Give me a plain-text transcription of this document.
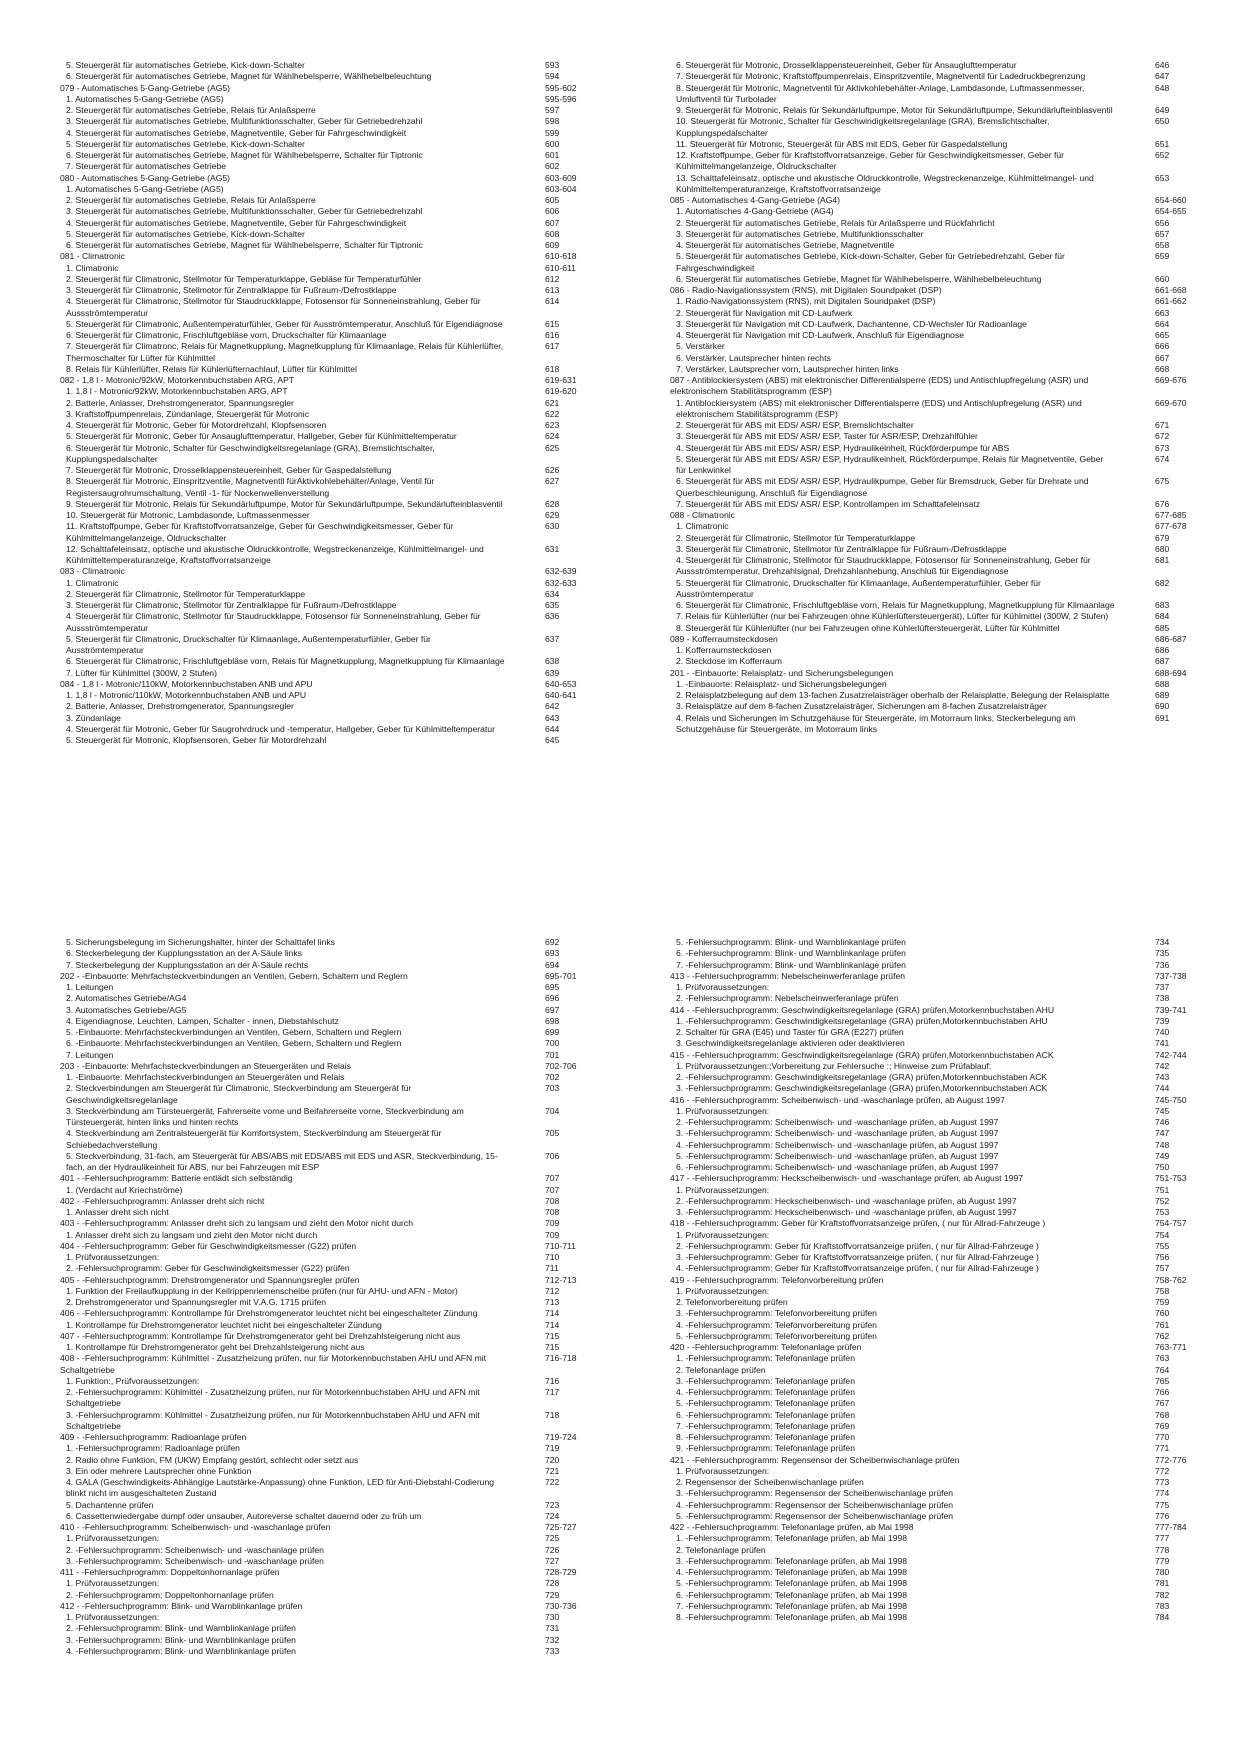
5. Steuergerät für automatisches Getriebe, Kick-down-Schalter	593
6. Steuergerät für automatisches Getriebe, Magnet für Wählhebelsperre, Wählhebelbeleuchtung	594
079 - Automatisches 5-Gang-Getriebe (AG5)	595-602
1. Automatisches 5-Gang-Getriebe (AG5)	595-596
2. Steuergerät für automatisches Getriebe, Relais für Anlaßsperre	597
3. Steuergerät für automatisches Getriebe, Multifunktionsschalter, Geber für Getriebedrehzahl	598
4. Steuergerät für automatisches Getriebe, Magnetventile, Geber für Fahrgeschwindigkeit	599
5. Steuergerät für automatisches Getriebe, Kick-down-Schalter	600
6. Steuergerät für automatisches Getriebe, Magnet für Wählhebelsperre, Schalter für Tiptronic	601
7. Steuergerät für automatisches Getriebe	602
080 - Automatisches 5-Gang-Getriebe (AG5)	603-609
1. Automatisches 5-Gang-Getriebe (AG5)	603-604
2. Steuergerät für automatisches Getriebe, Relais für Anlaßsperre	605
3. Steuergerät für automatisches Getriebe, Multifunktionsschalter, Geber für Getriebedrehzahl	606
4. Steuergerät für automatisches Getriebe, Magnetventile, Geber für Fahrgeschwindigkeit	607
5. Steuergerät für automatisches Getriebe, Kick-down-Schalter	608
6. Steuergerät für automatisches Getriebe, Magnet für Wählhebelsperre, Schalter für Tiptronic	609
081 - Climatronic	610-618
1. Climatronic	610-611
2. Steuergerät für Climatronic, Stellmotor für Temperaturklappe, Gebläse für Temperaturfühler	612
3. Steuergerät für Climatronic, Stellmotor für Zentralklappe für Fußraum-/Defrostklappe	613
4. Steuergerät für Climatronic, Stellmotor für Staudruckklappe, Fotosensor für Sonneneinstrahlung, Geber für Aussströmtemperatur
614
5. Steuergerät für Climatronic, Außentemperaturfühler, Geber für Ausströmtemperatur, Anschluß für Eigendiagnose	615
6. Steuergerät für Climatronic, Frischluftgebläse vorn, Druckschalter für Klimaanlage	616
7. Steuergerät für Climatronc, Relais für Magnetkupplung, Magnetkupplung für Klimaanlage, Relais für Kühlerlüfter, Thermoschalter für Lüfter für Kühlmittel
617
8. Relais für Kühlerlüfter, Relais für Kühlerlüfternachlauf, Lüfter für Kühlmittel	618
082 - 1,8 l - Motronic/92kW, Motorkennbuchstaben ARG, APT	619-631
1. 1,8 l - Motronic/92kW, Motorkennbuchstaben ARG, APT	619-620
2. Batterie, Anlasser, Drehstromgenerator, Spannungsregler	621
3. Kraftstoffpumpenrelais, Zündanlage, Steuergerät für Motronic	622
4. Steuergerät für Motronic, Geber für Motordrehzahl, Klopfsensoren	623
5. Steuergerät für Motronic, Geber für Ansauglufttemperatur, Hallgeber, Geber für Kühlmitteltemperatur	624
6. Steuergerät für Motronic, Schalter für Geschwindigkeitsregelanlage (GRA), Bremslichtschalter, Kupplungspedalschalter
625
7. Steuergerät für Motronic, Drosselklappensteuereinheit, Geber für Gaspedalstellung	626
8. Steuergerät für Motronic, Einspritzventile, Magnetventil fürAktivkohlebehälter/Anlage, Ventil für Registersaugrohrumschaltung, Ventil -1- für Nockenwellenverstellung
627
9. Steuergerät für Motronic, Relais für Sekundärluftpumpe, Motor für Sekundärluftpumpe, Sekundärlufteinblasventil	628
10. Steuergerät für Motronic, Lambdasonde, Luftmassenmesser	629
11. Kraftstoffpumpe, Geber für Kraftstoffvorratsanzeige, Geber für Geschwindigkeitsmesser, Geber für Kühlmittelmangelanzeige, Öldruckschalter
630
12. Schalttafeleinsatz, optische und akustische Öldruckkontrolle, Wegstreckenanzeige, Kühlmittelmangel- und Kühlmitteltemperaturanzeige, Kraftstoffvorratsanzeige
631
083 - Climatronic	632-639
1. Climatronic	632-633
2. Steuergerät für Climatronic, Stellmotor für Temperaturklappe	634
3. Steuergerät für Climatronic, Stellmotor für Zentralklappe für Fußraum-/Defrostklappe	635
4. Steuergerät für Climatronic, Stellmotor für Staudruckklappe, Fotosensor für Sonneneinstrahlung, Geber für Aussströmtemperatur
636
5. Steuergerät für Climatronic, Druckschalter für Klimaanlage, Außentemperaturfühler, Geber für Ausströmtemperatur
637
6. Steuergerät für Climatronic, Frischluftgebläse vorn, Relais für Magnetkupplung, Magnetkupplung für Klimaanlage	638
7. Lüfter für Kühlmittel (300W, 2 Stufen)	639
084 - 1,8 l - Motronic/110kW, Motorkennbuchstaben ANB und APU	640-653
1. 1,8 l - Motronic/110kW, Motorkennbuchstaben ANB und APU	640-641
2. Batterie, Anlasser, Drehstromgenerator, Spannungsregler	642
3. Zündanlage	643
4. Steuergerät für Motronic, Geber für Saugrohrdruck und -temperatur, Hallgeber, Geber für Kühlmitteltemperatur	644
5. Steuergerät für Motronic, Klopfsensoren, Geber für Motordrehzahl	645
6. Steuergerät für Motronic, Drosselklappensteuereinheit, Geber für Ansauglufttemperatur	646
7. Steuergerät für Motronic, Kraftstoffpumpenrelais, Einspritzventile, Magnetventil für Ladedruckbegrenzung	647
8. Steuergerät für Motronic, Magnetventil für Aktivkohlebehälter-Anlage, Lambdasonde, Luftmassenmesser, Umluftventil für Turbolader
648
9. Steuergerät für Motronic, Relais für Sekundärluftpumpe, Motor für Sekundärluftpumpe, Sekundärlufteinblasventil	649
10. Steuergerät für Motronic, Schalter für Geschwindigkeitsregelanlage (GRA), Bremslichtschalter, Kupplungspedalschalter
650
11. Steuergerät für Motronic, Steuergerät für ABS mit EDS, Geber für Gaspedalstellung	651
12. Kraftstoffpumpe, Geber für Kraftstoffvorratsanzeige, Geber für Geschwindigkeitsmesser, Geber für Kühlmittelmangelanzeige, Öldruckschalter
652
13. Schalttafeleinsatz, optische und akustische Öldruckkontrolle, Wegstreckenanzeige, Kühlmittelmangel- und Kühlmitteltemperaturanzeige, Kraftstoffvorratsanzeige
653
085 - Automatisches 4-Gang-Getriebe (AG4)	654-660
1. Automatisches 4-Gang-Getriebe (AG4)	654-655
2. Steuergerät für automatisches Getriebe, Relais für Anlaßsperre und Rückfahrlicht	656
3. Steuergerät für automatisches Getriebe, Multifunktionsschalter	657
4. Steuergerät für automatisches Getriebe, Magnetventile	658
5. Steuergerät für automatisches Getriebe, Kick-down-Schalter, Geber für Getriebedrehzahl, Geber für Fahrgeschwindigkeit
659
6. Steuergerät für automatisches Getriebe, Magnet für Wählhebelsperre, Wählhebelbeleuchtung	660
086 - Radio-Navigationssystem (RNS), mit Digitalen Soundpaket (DSP)	661-668
1. Radio-Navigationssystem (RNS), mit Digitalen Soundpaket (DSP)	661-662
2. Steuergerät für Navigation mit CD-Laufwerk	663
3. Steuergerät für Navigation mit CD-Laufwerk, Dachantenne, CD-Wechsler für Radioanlage	664
4. Steuergerät für Navigation mit CD-Laufwerk, Anschluß für Eigendiagnose	665
5. Verstärker	666
6. Verstärker, Lautsprecher hinten rechts	667
7. Verstärker, Lautsprecher vorn, Lautsprecher hinten links	668
087 - Antiblockiersystem (ABS) mit elektronischer Differentialsperre (EDS) und Antischlupfregelung (ASR) und elektronischem Stabilitätsprogramm (ESP)
669-676
1. Antiblockiersystem (ABS) mit elektronischer Differentialsperre (EDS) und Antischlupfregelung (ASR) und elektronischem Stabilitätsprogramm (ESP)
669-670
2. Steuergerät für ABS mit EDS/ ASR/ ESP, Bremslichtschalter	671
3. Steuergerät für ABS mit EDS/ ASR/ ESP, Taster für ASR/ESP, Drehzahlfühler	672
4. Steuergerät für ABS mit EDS/ ASR/ ESP, Hydraulikeinheit, Rückförderpumpe für ABS	673
5. Steuergerät für ABS mit EDS/ ASR/ ESP, Hydraulikeinheit, Rückförderpumpe, Relais für Magnetventile, Geber für Lenkwinkel
674
6. Steuergerät für ABS mit EDS/ ASR/ ESP, Hydraulikpumpe, Geber für Bremsdruck, Geber für Drehrate und Querbeschleunigung, Anschluß für Eigendiagnose
675
7. Steuergerät für ABS mit EDS/ ASR/ ESP, Kontrollampen im Schalttafeleinsatz	676
088 - Climatronic	677-685
1. Climatronic	677-678
2. Steuergerät für Climatronic, Stellmotor für Temperaturklappe	679
3. Steuergerät für Climatronic, Stellmotor für Zentralklappe für Fußraum-/Defrostklappe	680
4. Steuergerät für Climatronic, Stellmotor für Staudruckklappe, Fotosensor für Sonneneinstrahlung, Geber für Aussströmtemperatur, Drehzahlsignal, Drehzahlanhebung, Anschluß für Eigendiagnose
681
5. Steuergerät für Climatronic, Druckschalter für Klimaanlage, Außentemperaturfühler, Geber für Ausströmtemperatur
682
6. Steuergerät für Climatronic, Frischluftgebläse vorn, Relais für Magnetkupplung, Magnetkupplung für Klimaanlage	683
7. Relais für Kühlerlüfter (nur bei Fahrzeugen ohne Kühlerlüftersteuergerät), Lüfter für Kühlmittel (300W, 2 Stufen)	684
8. Steuergerät für Kühlerlüfter (nur bei Fahrzeugen ohne Kühlerlüftersteuergerät, Lüfter für Kühlmittel	685
089 - Kofferraumsteckdosen	686-687
1. Kofferraumsteckdosen	686
2. Steckdose im Kofferraum	687
201 - -Einbauorte: Relaisplatz- und Sicherungsbelegungen	688-694
1. -Einbauorte: Relaisplatz- und Sicherungsbelegungen	688
2. Relaisplatzbelegung auf dem 13-fachen Zusatzrelaisträger oberhalb der Relaisplatte, Belegung der Relaisplatte	689
3. Relaisplätze auf dem 8-fachen Zusatzrelaisträger, Sicherungen am 8-fachen Zusatzrelaisträger	690
4. Relais und Sicherungen im Schutzgehäuse für Steuergeräte, im Motorraum links, Steckerbelegung am Schutzgehäuse für Steuergeräte, im Motorraum links
691
5. Sicherungsbelegung im Sicherungshalter, hinter der Schalttafel links	692
6. Steckerbelegung der Kupplungsstation an der A-Säule links	693
7. Steckerbelegung der Kupplungsstation an der A-Säule rechts	694
202 - -Einbauorte: Mehrfachsteckverbindungen an Ventilen, Gebern, Schaltern und Reglern	695-701
1. Leitungen	695
2. Automatisches Getriebe/AG4	696
3. Automatisches Getriebe/AG5	697
4. Eigendiagnose, Leuchten, Lampen, Schalter - innen, Diebstahlschutz	698
5. -Einbauorte: Mehrfachsteckverbindungen an Ventilen, Gebern, Schaltern und Reglern	699
6. -Einbauorte: Mehrfachsteckverbindungen an Ventilen, Gebern, Schaltern und Reglern	700
7. Leitungen	701
203 - -Einbauorte: Mehrfachsteckverbindungen an Steuergeräten und Relais	702-706
1. -Einbauorte: Mehrfachsteckverbindungen an Steuergeräten und Relais	702
2. Steckverbindungen am Steuergerät für Climatronic, Steckverbindung am Steuergerät für Geschwindigkeitsregelanlage
703
3. Steckverbindung am Türsteuergerät, Fahrerseite vorne und Beifahrerseite vorne, Steckverbindung am Türsteuergerät, hinten links und hinten rechts
704
4. Steckverbindung am Zentralsteuergerät für Komfortsystem, Steckverbindung am Steuergerät für Schiebedachverstellung
705
5. Steckverbindung, 31-fach, am Steuergerät für ABS/ABS mit EDS/ABS mit EDS und ASR, Steckverbindung, 15-fach, an der Hydraulikeinheit für ABS, nur bei Fahrzeugen mit ESP
706
401 - -Fehlersuchprogramm: Batterie entlädt sich selbständig	707
1. (Verdacht auf Kriechströme)	707
402 - -Fehlersuchprogramm: Anlasser dreht sich nicht	708
1. Anlasser dreht sich nicht	708
403 - -Fehlersuchprogramm: Anlasser dreht sich zu langsam und zieht den Motor nicht durch	709
1. Anlasser dreht sich zu langsam und zieht den Motor nicht durch	709
404 - -Fehlersuchprogramm: Geber für Geschwindigkeitsmesser (G22) prüfen	710-711
1. Prüfvoraussetzungen:	710
2. -Fehlersuchprogramm: Geber für Geschwindigkeitsmesser (G22) prüfen	711
405 - -Fehlersuchprogramm: Drehstromgenerator und Spannungsregler prüfen	712-713
1. Funktion der Freilaufkupplung in der Keilrippenriemenscheibe prüfen (nur für AHU- und AFN - Motor)	712
2. Drehstromgenerator und Spannungsregler mit V.A.G. 1715 prüfen	713
406 - -Fehlersuchprogramm: Kontrollampe für Drehstromgenerator leuchtet nicht bei eingeschalteter Zündung	714
1. Kontrollampe für Drehstromgenerator leuchtet nicht bei eingeschalteter Zündung	714
407 - -Fehlersuchprogramm: Kontrollampe für Drehstromgenerator geht bei Drehzahlsteigerung nicht aus	715
1. Kontrollampe für Drehstromgenerator geht bei Drehzahlsteigerung nicht aus	715
408 - -Fehlersuchprogramm: Kühlmittel - Zusatzheizung prüfen, nur für Motorkennbuchstaben AHU und AFN mit Schaltgetriebe
716-718
1. Funktion:, Prüfvoraussetzungen:	716
2. -Fehlersuchprogramm: Kühlmittel - Zusatzheizung prüfen, nur für Motorkennbuchstaben AHU und AFN mit Schaltgetriebe
717
3. -Fehlersuchprogramm: Kühlmittel - Zusatzheizung prüfen, nur für Motorkennbuchstaben AHU und AFN mit Schaltgetriebe
718
409 - -Fehlersuchprogramm: Radioanlage prüfen	719-724
1. -Fehlersuchprogramm: Radioanlage prüfen	719
2. Radio ohne Funktion, FM (UKW) Empfang gestört, schlecht oder setzt aus	720
3. Ein oder mehrere Lautsprecher ohne Funktion	721
4. GALA (Geschwindigkeits-Abhängige Lautstärke-Anpassung) ohne Funktion, LED für Anti-Diebstahl-Codierung blinkt nicht im ausgeschalteten Zustand
722
5. Dachantenne prüfen	723
6. Cassettenwiedergabe dumpf oder unsauber, Autoreverse schaltet dauernd oder zu früh um	724
410 - -Fehlersuchprogramm: Scheibenwisch- und -waschanlage prüfen	725-727
1. Prüfvoraussetzungen:	725
2. -Fehlersuchprogramm: Scheibenwisch- und -waschanlage prüfen	726
3. -Fehlersuchprogramm: Scheibenwisch- und -waschanlage prüfen	727
411 - -Fehlersuchprogramm: Doppeltonhornanlage prüfen	728-729
1. Prüfvoraussetzungen:	728
2. -Fehlersuchprogramm: Doppeltonhornanlage prüfen	729
412 - -Fehlersuchprogramm: Blink- und Warnblinkanlage prüfen	730-736
1. Prüfvoraussetzungen:	730
2. -Fehlersuchprogramm: Blink- und Warnblinkanlage prüfen	731
3. -Fehlersuchprogramm: Blink- und Warnblinkanlage prüfen	732
4. -Fehlersuchprogramm: Blink- und Warnblinkanlage prüfen	733
5. -Fehlersuchprogramm: Blink- und Warnblinkanlage prüfen	734
6. -Fehlersuchprogramm: Blink- und Warnblinkanlage prüfen	735
7. -Fehlersuchprogramm: Blink- und Warnblinkanlage prüfen	736
413 - -Fehlersuchprogramm: Nebelscheinwerferanlage prüfen	737-738
1. Prüfvoraussetzungen:	737
2. -Fehlersuchprogramm: Nebelscheinwerferanlage prüfen	738
414 - -Fehlersuchprogramm: Geschwindigkeitsregelanlage (GRA) prüfen,Motorkennbuchstaben AHU	739-741
1. -Fehlersuchprogramm: Geschwindigkeitsregelanlage (GRA) prüfen,Motorkennbuchstaben AHU	739
2. Schalter für GRA (E45) und Taster für GRA (E227) prüfen	740
3. Geschwindigkeitsregelanlage aktivieren oder deaktivieren	741
415 - -Fehlersuchprogramm: Geschwindigkeitsregelanlage (GRA) prüfen,Motorkennbuchstaben ACK	742-744
1. Prüfvoraussetzungen:;Vorbereitung zur Fehlersuche :; Hinweise zum Prüfablauf:	742
2. -Fehlersuchprogramm: Geschwindigkeitsregelanlage (GRA) prüfen,Motorkennbuchstaben ACK	743
3. -Fehlersuchprogramm: Geschwindigkeitsregelanlage (GRA) prüfen,Motorkennbuchstaben ACK	744
416 - -Fehlersuchprogramm: Scheibenwisch- und -waschanlage prüfen, ab August 1997	745-750
1. Prüfvoraussetzungen:	745
2. -Fehlersuchprogramm: Scheibenwisch- und -waschanlage prüfen, ab August 1997	746
3. -Fehlersuchprogramm: Scheibenwisch- und -waschanlage prüfen, ab August 1997	747
4. -Fehlersuchprogramm: Scheibenwisch- und -waschanlage prüfen, ab August 1997	748
5. -Fehlersuchprogramm: Scheibenwisch- und -waschanlage prüfen, ab August 1997	749
6. -Fehlersuchprogramm: Scheibenwisch- und -waschanlage prüfen, ab August 1997	750
417 - -Fehlersuchprogramm: Heckscheibenwisch- und -waschanlage prüfen, ab August 1997	751-753
1. Prüfvoraussetzungen:	751
2. -Fehlersuchprogramm: Heckscheibenwisch- und -waschanlage prüfen, ab August 1997	752
3. -Fehlersuchprogramm: Heckscheibenwisch- und -waschanlage prüfen, ab August 1997	753
418 - -Fehlersuchprogramm: Geber für Kraftstoffvorratsanzeige prüfen, ( nur für Allrad-Fahrzeuge )	754-757
1. Prüfvoraussetzungen:	754
2. -Fehlersuchprogramm: Geber für Kraftstoffvorratsanzeige prüfen, ( nur für Allrad-Fahrzeuge )	755
3. -Fehlersuchprogramm: Geber für Kraftstoffvorratsanzeige prüfen, ( nur für Allrad-Fahrzeuge )	756
4. -Fehlersuchprogramm: Geber für Kraftstoffvorratsanzeige prüfen, ( nur für Allrad-Fahrzeuge )	757
419 - -Fehlersuchprogramm: Telefonvorbereitung prüfen	758-762
1. Prüfvoraussetzungen:	758
2. Telefonvorbereitung prüfen	759
3. -Fehlersuchprogramm: Telefonvorbereitung prüfen	760
4. -Fehlersuchprogramm: Telefonvorbereitung prüfen	761
5. -Fehlersuchprogramm: Telefonvorbereitung prüfen	762
420 - -Fehlersuchprogramm: Telefonanlage prüfen	763-771
1. -Fehlersuchprogramm: Telefonanlage prüfen	763
2. Telefonanlage prüfen	764
3. -Fehlersuchprogramm: Telefonanlage prüfen	765
4. -Fehlersuchprogramm: Telefonanlage prüfen	766
5. -Fehlersuchprogramm: Telefonanlage prüfen	767
6. -Fehlersuchprogramm: Telefonanlage prüfen	768
7. -Fehlersuchprogramm: Telefonanlage prüfen	769
8. -Fehlersuchprogramm: Telefonanlage prüfen	770
9. -Fehlersuchprogramm: Telefonanlage prüfen	771
421 - -Fehlersuchprogramm: Regensensor der Scheibenwischanlage prüfen	772-776
1. Prüfvoraussetzungen:	772
2. Regensensor der Scheibenwischanlage prüfen	773
3. -Fehlersuchprogramm: Regensensor der Scheibenwischanlage prüfen	774
4. -Fehlersuchprogramm: Regensensor der Scheibenwischanlage prüfen	775
5. -Fehlersuchprogramm: Regensensor der Scheibenwischanlage prüfen	776
422 - -Fehlersuchprogramm: Telefonanlage prüfen, ab Mai 1998	777-784
1. -Fehlersuchprogramm: Telefonanlage prüfen, ab Mai 1998	777
2. Telefonanlage prüfen	778
3. -Fehlersuchprogramm: Telefonanlage prüfen, ab Mai 1998	779
4. -Fehlersuchprogramm: Telefonanlage prüfen, ab Mai 1998	780
5. -Fehlersuchprogramm: Telefonanlage prüfen, ab Mai 1998	781
6. -Fehlersuchprogramm: Telefonanlage prüfen, ab Mai 1998	782
7. -Fehlersuchprogramm: Telefonanlage prüfen, ab Mai 1998	783
8. -Fehlersuchprogramm: Telefonanlage prüfen, ab Mai 1998	784
